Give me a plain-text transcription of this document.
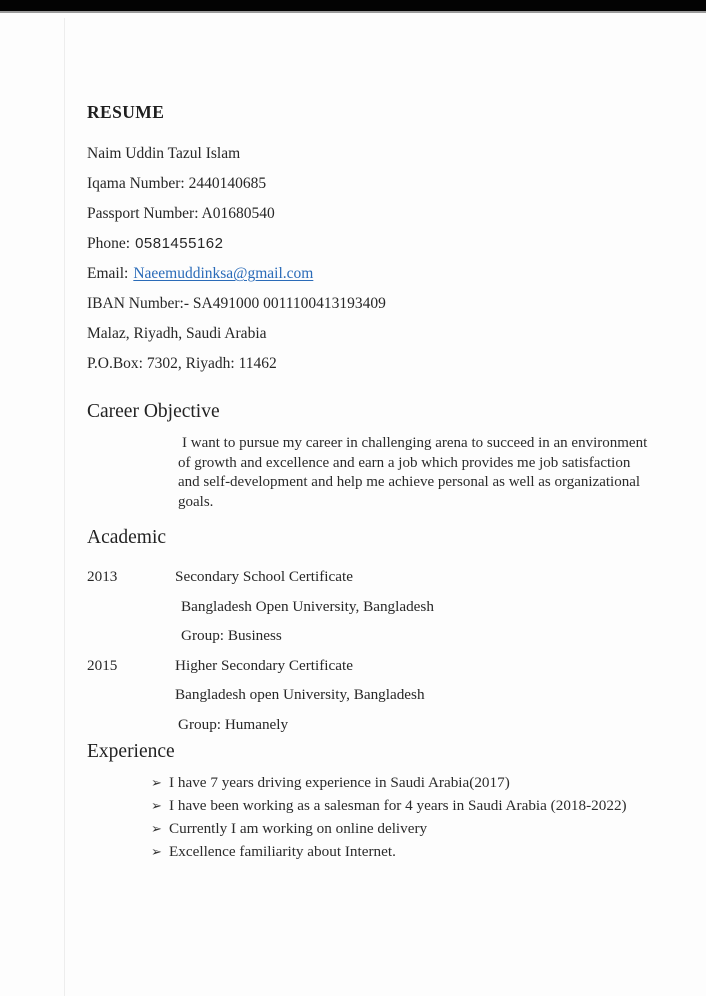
RESUME
Naim Uddin Tazul Islam
Iqama Number: 2440140685
Passport Number: A01680540
Phone: 0581455162
Email: Naeemuddinksa@gmail.com
IBAN Number:- SA491000 0011100413193409
Malaz, Riyadh, Saudi Arabia
P.O.Box: 7302, Riyadh: 11462
Career Objective

I want to pursue my career in challenging arena to succeed in an environment of growth and excellence and earn a job which provides me job satisfaction and self-development and help me achieve personal as well as organizational goals.

Academic
2013	Secondary School Certificate
Bangladesh Open University, Bangladesh
Group: Business
2015	Higher Secondary Certificate
Bangladesh open University, Bangladesh
Group: Humanely
Experience
➢ I have 7 years driving experience in Saudi Arabia(2017)
➢ I have been working as a salesman for 4 years in Saudi Arabia (2018-2022)
➢ Currently I am working on online delivery
➢ Excellence familiarity about Internet.
